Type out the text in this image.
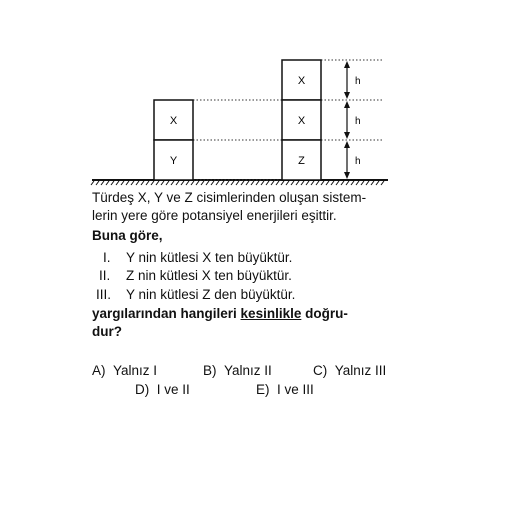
X
Y
X
X
Z
h
h
h
Türdeş X, Y ve Z cisimlerinden oluşan sistem-
lerin yere göre potansiyel enerjileri eşittir.
Buna göre,
I. Y nin kütlesi X ten büyüktür.
II. Z nin kütlesi X ten büyüktür.
III. Y nin kütlesi Z den büyüktür.
yargılarından hangileri kesinlikle doğru-
dur?
A) Yalnız I	B) Yalnız II	C) Yalnız III
D) I ve II	E) I ve III
